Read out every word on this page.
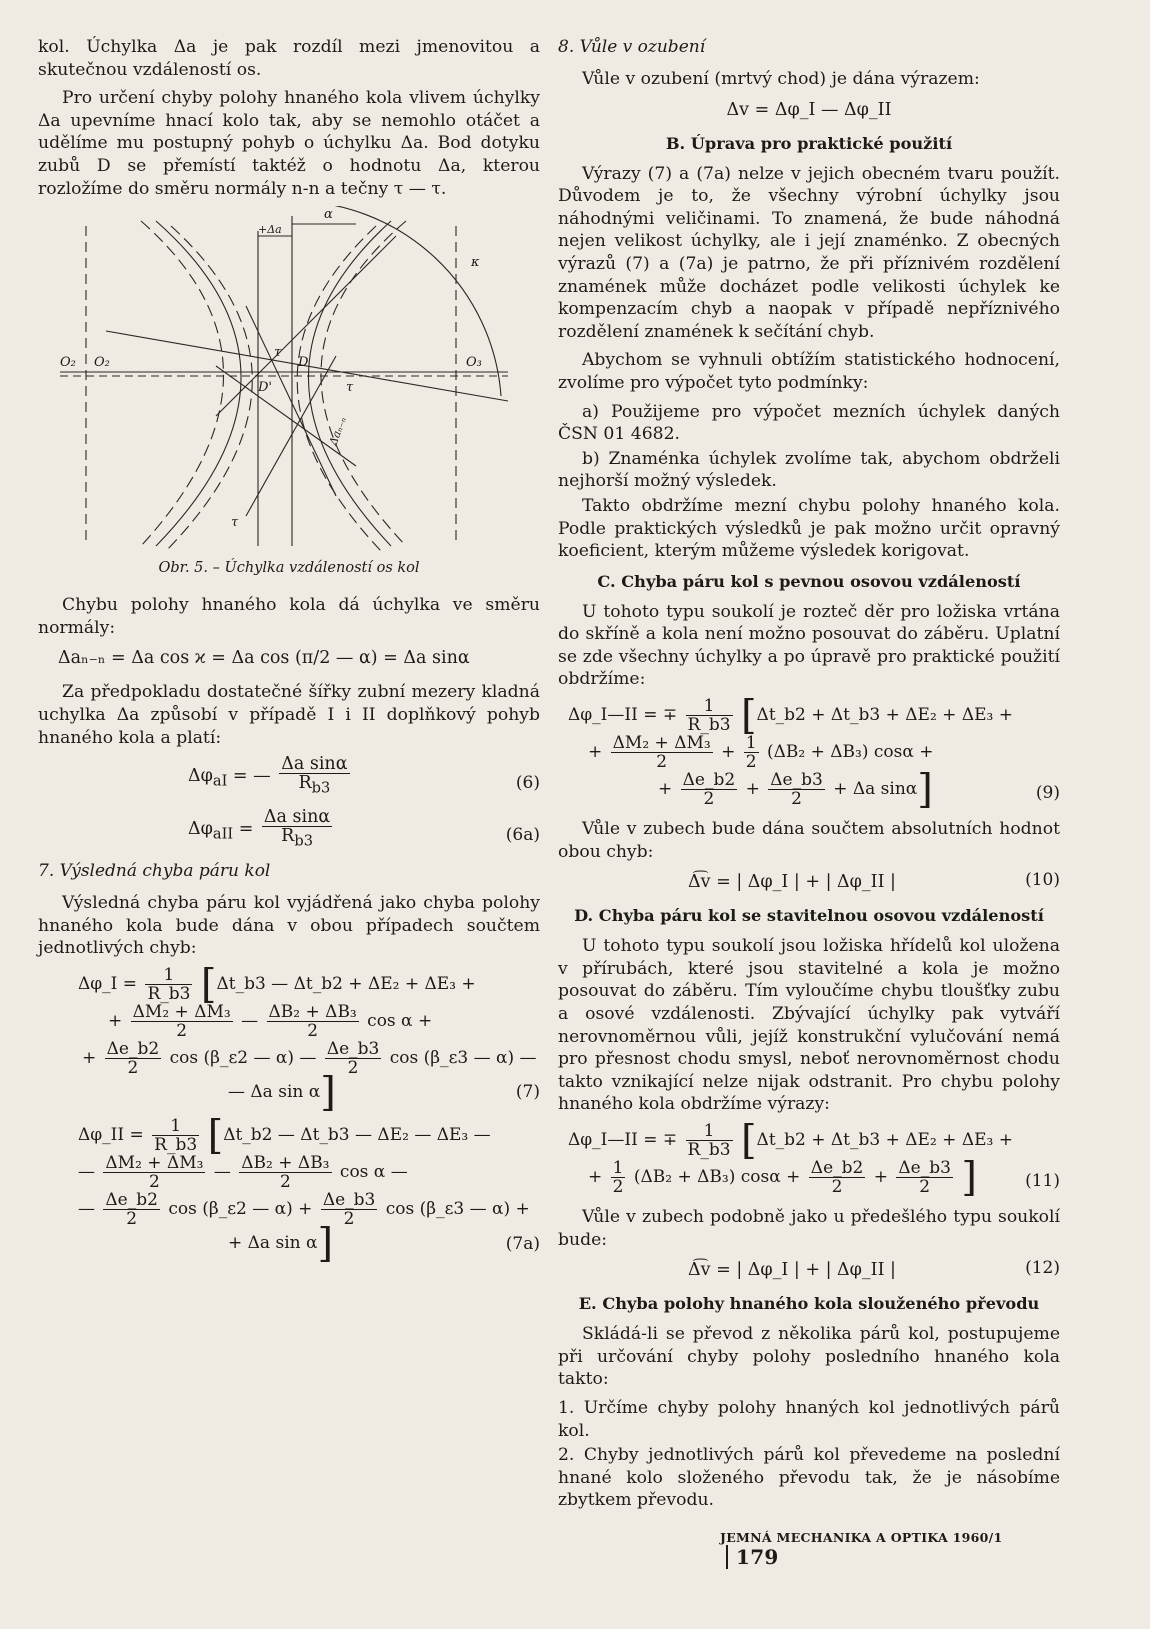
kol. Úchylka Δa je pak rozdíl mezi jmenovitou a skutečnou vzdáleností os.

Pro určení chyby polohy hnaného kola vlivem úchylky Δa upevníme hnací kolo tak, aby se nemohlo otáčet a udělíme mu postupný pohyb o úchylku Δa. Bod dotyku zubů D se přemístí taktéž o hodnotu Δa, kterou rozložíme do směru normály n-n a tečny τ — τ.

O₂ O₂	O₃
α
+Δa
D
D'
τ
τ
τ
Δaₙ₋ₙ
κ
Obr. 5. – Úchylka vzdáleností os kol

Chybu polohy hnaného kola dá úchylka ve směru normály:

Δaₙ₋ₙ = Δa cos ϰ = Δa cos (π/2 — α) = Δa sinα

Za předpokladu dostatečné šířky zubní mezery kladná uchylka Δa způsobí v případě I i II doplňkový pohyb hnaného kola a platí:

$\Delta\varphi_{aI}$ = — $\frac{\text{Δa sinα}}{R_{b3}}$	(6)
$\Delta\varphi_{aII} = \frac{\text{Δa sinα}}{R_{b3}}$	(6a)
7. Výsledná chyba páru kol

Výsledná chyba páru kol vyjádřená jako chyba polohy hnaného kola bude dána v obou případech součtem jednotlivých chyb:

Δφ_I = $\frac{1}{R\_b3}$ [Δt_b3 — Δt_b2 + ΔE₂ + ΔE₃ +
+ $\frac{\text{ΔM₂ + ΔM₃}}{2}$ — $\frac{\text{ΔB₂ + ΔB₃}}{2}$ cos α +
+ $\frac{\Delta e\_b2}{2}$ cos (β_ε2 — α) — $\frac{\Delta e\_b3}{2}$ cos (β_ε3 — α) —
— Δa sin α]	(7)
Δφ_II = $\frac{1}{R\_b3}$ [Δt_b2 — Δt_b3 — ΔE₂ — ΔE₃ —
— $\frac{\text{ΔM₂ + ΔM₃}}{2}$ — $\frac{\text{ΔB₂ + ΔB₃}}{2}$ cos α —
— $\frac{\Delta e\_b2}{2}$ cos (β_ε2 — $\alpha) + \frac{\Delta e\_b3}{2}$ cos (β_ε3 — α) +
+ Δa sin α]	(7a)
8. Vůle v ozubení

Vůle v ozubení (mrtvý chod) je dána výrazem:

Δv = Δφ_I — Δφ_II
B. Úprava pro praktické použití

Výrazy (7) a (7a) nelze v jejich obecném tvaru použít. Důvodem je to, že všechny výrobní úchylky jsou náhodnými veličinami. To znamená, že bude náhodná nejen velikost úchylky, ale i její znaménko. Z obecných výrazů (7) a (7a) je patrno, že při příznivém rozdělení znamének může docházet podle velikosti úchylek ke kompenzacím chyb a naopak v případě nepříznivého rozdělení znamének k sečítání chyb.

Abychom se vyhnuli obtížím statistického hodnocení, zvolíme pro výpočet tyto podmínky:

a) Použijeme pro výpočet mezních úchylek daných ČSN 01 4682.

b) Znaménka úchylek zvolíme tak, abychom obdrželi nejhorší možný výsledek.

Takto obdržíme mezní chybu polohy hnaného kola. Podle praktických výsledků je pak možno určit opravný koeficient, kterým můžeme výsledek korigovat.

C. Chyba páru kol s pevnou osovou vzdáleností

U tohoto typu soukolí je rozteč děr pro ložiska vrtána do skříně a kola není možno posouvat do záběru. Uplatní se zde všechny úchylky a po úpravě pro praktické použití obdržíme:

Δφ_I—II = ∓ $\frac{1}{R\_b3}$ [Δt_b2 + Δt_b3 + ΔE₂ + ΔE₃ +
+ $\frac{\text{ΔM₂ + ΔM₃}}{2} + \frac{1}{2} (\Delta B_2 + \Delta B_3) \cos\alpha$ +
+ $\frac{\Delta e\_b2}{2} + \frac{\Delta e\_b3}{2} + \Delta a$ sinα]	(9)

Vůle v zubech bude dána součtem absolutních hodnot obou chyb:

Δ͡v = | Δφ_I | + | Δφ_II |	(10)
D. Chyba páru kol se stavitelnou osovou vzdáleností

U tohoto typu soukolí jsou ložiska hřídelů kol uložena v přírubách, které jsou stavitelné a kola je možno posouvat do záběru. Tím vyloučíme chybu tloušťky zubu a osové vzdálenosti. Zbývající úchylky pak vytváří nerovnoměrnou vůli, jejíž konstrukční vylučování nemá pro přesnost chodu smysl, neboť nerovnoměrnost chodu takto vznikající nelze nijak odstranit. Pro chybu polohy hnaného kola obdržíme výrazy:

Δφ_I—II = ∓ $\frac{1}{R\_b3}$ [Δt_b2 + Δt_b3 + ΔE₂ + ΔE₃ +
+ $\frac{1}{2} (\Delta B_2 + \Delta B_3) \cos\alpha + \frac{\Delta e\_b2}{2} + \frac{\Delta e\_b3}{2}$ ]	(11)

Vůle v zubech podobně jako u předešlého typu soukolí bude:

Δ͡v = | Δφ_I | + | Δφ_II |	(12)
E. Chyba polohy hnaného kola slouženého převodu

Skládá-li se převod z několika párů kol, postupujeme při určování chyby polohy posledního hnaného kola takto:

1. Určíme chyby polohy hnaných kol jednotlivých párů kol.

2. Chyby jednotlivých párů kol převedeme na poslední hnané kolo složeného převodu tak, že je násobíme zbytkem převodu.

JEMNÁ MECHANIKA A OPTIKA 1960/1 179
